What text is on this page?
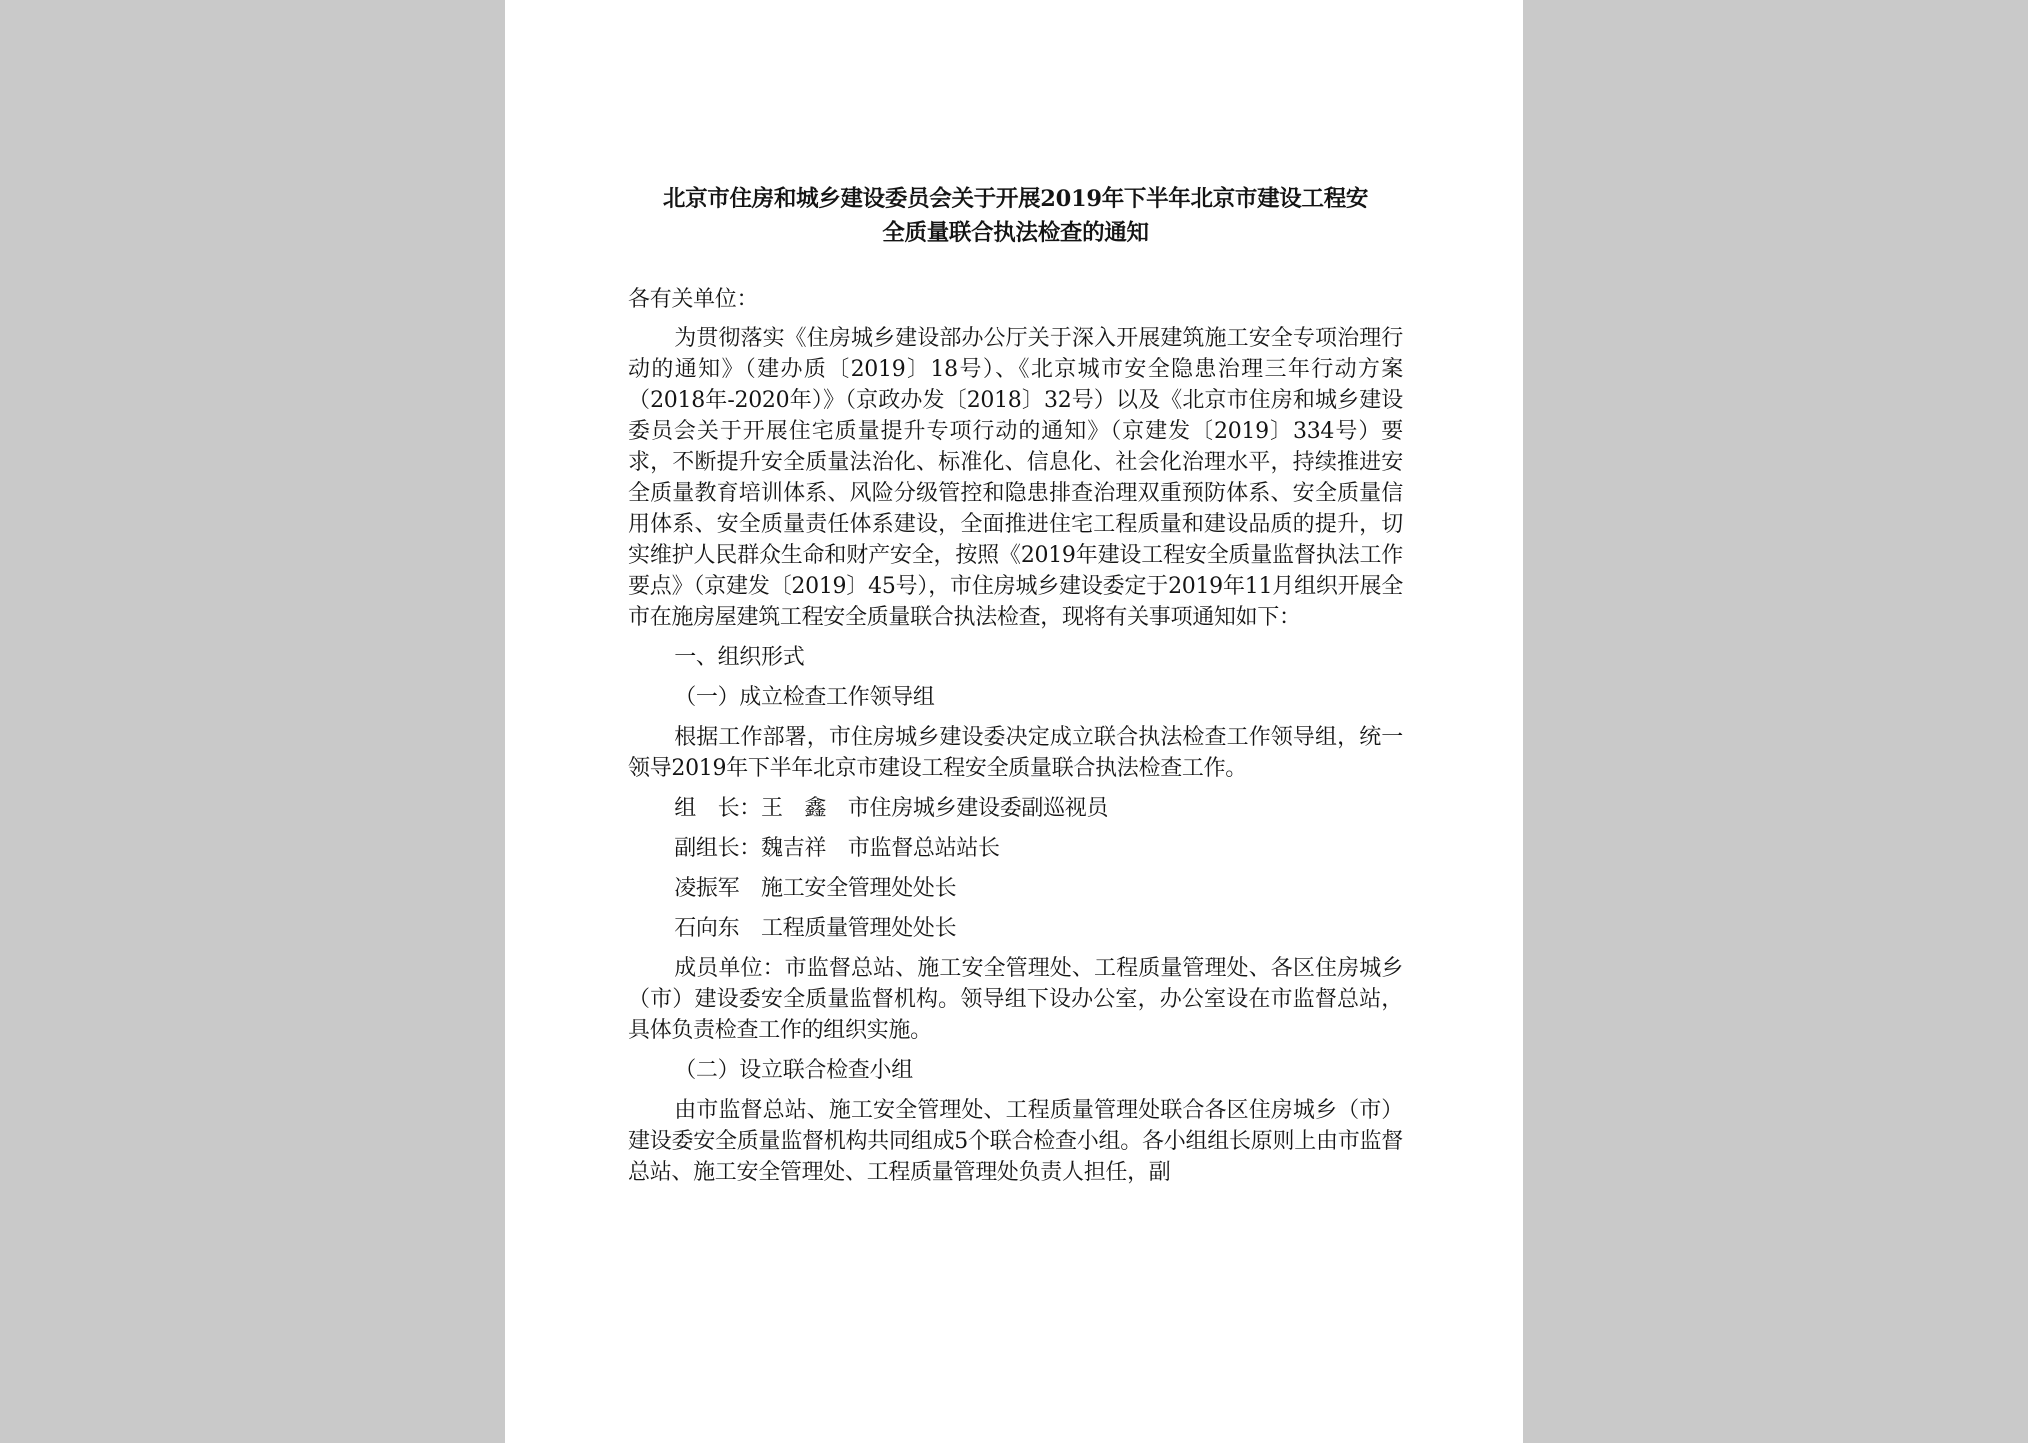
北京市住房和城乡建设委员会关于开展2019年下半年北京市建设工程安
全质量联合执法检查的通知
各有关单位：
为贯彻落实《住房城乡建设部办公厅关于深入开展建筑施工安全专项治理行动的通知》（建办质〔2019〕18号）、《北京城市安全隐患治理三年行动方案（2018年-2020年）》（京政办发〔2018〕32号）以及《北京市住房和城乡建设委员会关于开展住宅质量提升专项行动的通知》（京建发〔2019〕334号）要求，不断提升安全质量法治化、标准化、信息化、社会化治理水平，持续推进安全质量教育培训体系、风险分级管控和隐患排查治理双重预防体系、安全质量信用体系、安全质量责任体系建设，全面推进住宅工程质量和建设品质的提升，切实维护人民群众生命和财产安全，按照《2019年建设工程安全质量监督执法工作要点》（京建发〔2019〕45号），市住房城乡建设委定于2019年11月组织开展全市在施房屋建筑工程安全质量联合执法检查，现将有关事项通知如下：
一、组织形式
（一）成立检查工作领导组
根据工作部署，市住房城乡建设委决定成立联合执法检查工作领导组，统一领导2019年下半年北京市建设工程安全质量联合执法检查工作。
组　长：王　鑫　市住房城乡建设委副巡视员
副组长：魏吉祥　市监督总站站长
凌振军　施工安全管理处处长
石向东　工程质量管理处处长
成员单位：市监督总站、施工安全管理处、工程质量管理处、各区住房城乡（市）建设委安全质量监督机构。领导组下设办公室，办公室设在市监督总站，具体负责检查工作的组织实施。
（二）设立联合检查小组
由市监督总站、施工安全管理处、工程质量管理处联合各区住房城乡（市）建设委安全质量监督机构共同组成5个联合检查小组。各小组组长原则上由市监督总站、施工安全管理处、工程质量管理处负责人担任，副
